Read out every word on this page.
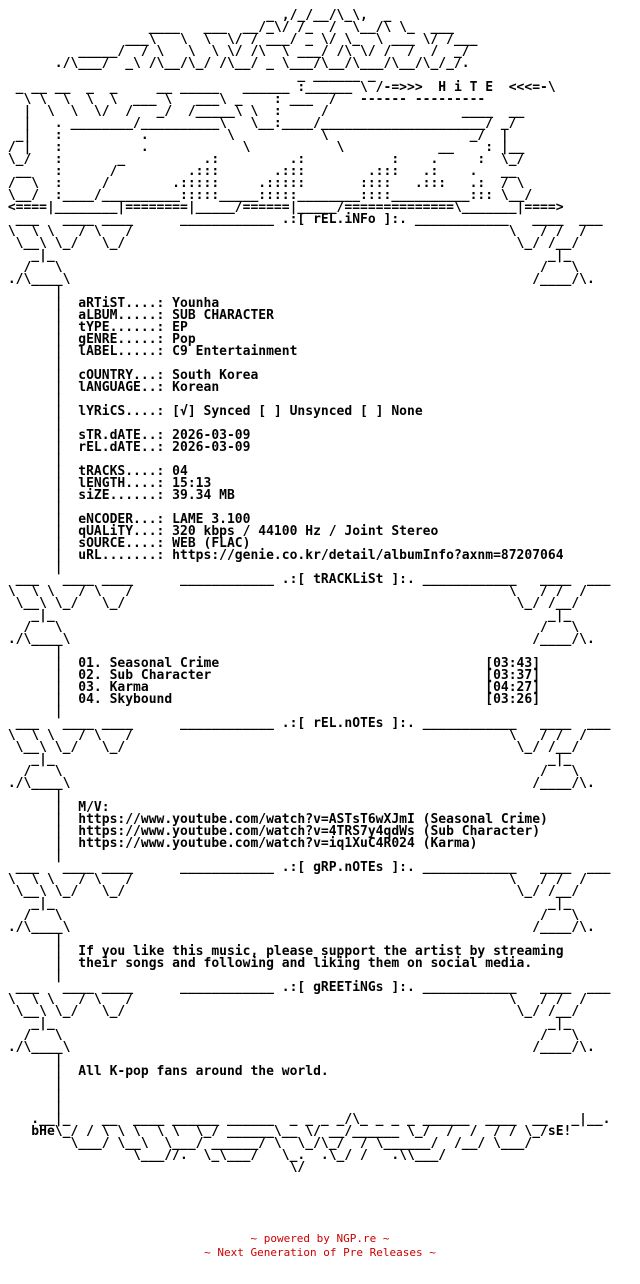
_ ,/_/__/\_\,  _
____   ___  __/_\/ /_  /  \__/\ \_  ___
___\   \  \  \/ / ___/ _ \/ \_  \ ___ \/ /___
_____/  / \   \  \ \/ /\  \ ___/ /\ \/ /  /  /  _/
./\___/  _\ /\__/\_/ /\__/ _ \___/\__/\___/\__/\_/_/.
_ ______ _
_ __ __  _  _     __ _____   ______ :______ \ /-=>>>  H i T E  <<<=-\
\ \  \  \  \  ___ \   ___\ _    : ___  /   ------ ---------
|  \  \  \/  /   _/  /_____\ \  :     /                 ____  __
|   . ________/__________\   \__:____/_____________________/ _/
_|   :          .          \           \                  _/  |
/ |   :          .            \           \            __    : |__
\_/   :       _          .:         .:           :    .     :  \_/
__   :      /         .:::       .:::        .:::   .:    .   __
/  \  :     /        .:::::     .:::::       ::::   .:::   .:  / \
\__/  :____/__________:::::_____:::::________::::__________::: \__/
<====|________|========|_____/======|_____/==============\_______|====>
___   ____ ____      ____________ .:[ rEL.iNFo ]:. ____________   ____  ___
\  \ \   / \   /                                                \   / /  /
\__\ \_/   \_/                                                  \_/ /__/
_|_                                                               _|_
/   \                                                             /   \
./\____\                                                           /____/\.
|
|  aRTiST....: Younha
|  aLBUM.....: SUB CHARACTER
|  tYPE......: EP
|  gENRE.....: Pop
|  lABEL.....: C9 Entertainment
|
|  cOUNTRY...: South Korea
|  lANGUAGE..: Korean
|
|  lYRiCS....: [√] Synced [ ] Unsynced [ ] None
|
|  sTR.dATE..: 2026-03-09
|  rEL.dATE..: 2026-03-09
|
|  tRACKS....: 04
|  lENGTH....: 15:13
|  siZE......: 39.34 MB
|
|  eNCODER...: LAME 3.100
|  qUALiTY...: 320 kbps / 44100 Hz / Joint Stereo
|  sOURCE....: WEB (FLAC)
|  uRL.......: https://genie.co.kr/detail/albumInfo?axnm=87207064
|
___   ____ ____      ____________ .:[ tRACKLiSt ]:. ____________   ____  ___
\  \ \   / \   /                                                \   / /  /
\__\ \_/   \_/                                                  \_/ /__/
_|_                                                               _|_
/   \                                                             /   \
./\____\                                                           /____/\.
|
|  01. Seasonal Crime                                  [03:43]
|  02. Sub Character                                   [03:37]
|  03. Karma                                           [04:27]
|  04. Skybound                                        [03:26]
|
___   ____ ____      ____________ .:[ rEL.nOTEs ]:. ____________   ____  ___
\  \ \   / \   /                                                \   / /  /
\__\ \_/   \_/                                                  \_/ /__/
_|_                                                               _|_
/   \                                                             /   \
./\____\                                                           /____/\.
|
|  M/V:
|  https://www.youtube.com/watch?v=ASTsT6wXJmI (Seasonal Crime)
|  https://www.youtube.com/watch?v=4TRS7y4qdWs (Sub Character)
|  https://www.youtube.com/watch?v=iq1XuC4R024 (Karma)
|
___   ____ ____      ____________ .:[ gRP.nOTEs ]:. ____________   ____  ___
\  \ \   / \   /                                                \   / /  /
\__\ \_/   \_/                                                  \_/ /__/
_|_                                                               _|_
/   \                                                             /   \
./\____\                                                           /____/\.
|
|  If you like this music, please support the artist by streaming
|  their songs and following and liking them on social media.
|
___   ____ ____      ____________ .:[ gREETiNGs ]:. ____________   ____  ___
\  \ \   / \   /                                                \   / /  /
\__\ \_/   \_/                                                  \_/ /__/
_|_                                                               _|_
/   \                                                             /   \
./\____\                                                           /____/\.
|
|  All K-pop fans around the world.
|
|
|
.__|_    __  ____ ______ ______  _ _ _ _/\_ _ _ _ ______  ____  __   _|__.
bHe\_/ / \ \ \  \ \  \_/ ______\__ \/ __/______ \_/  /  /  / / \_/sE!
\___/ \__\  \___/ ______/ \  \_/\_/  / \______/  /__/ \___/
\___//.  \_\___/   \_.  .\_/ /   .\\___/
\/

~ powered by NGP.re ~
~ Next Generation of Pre Releases ~
